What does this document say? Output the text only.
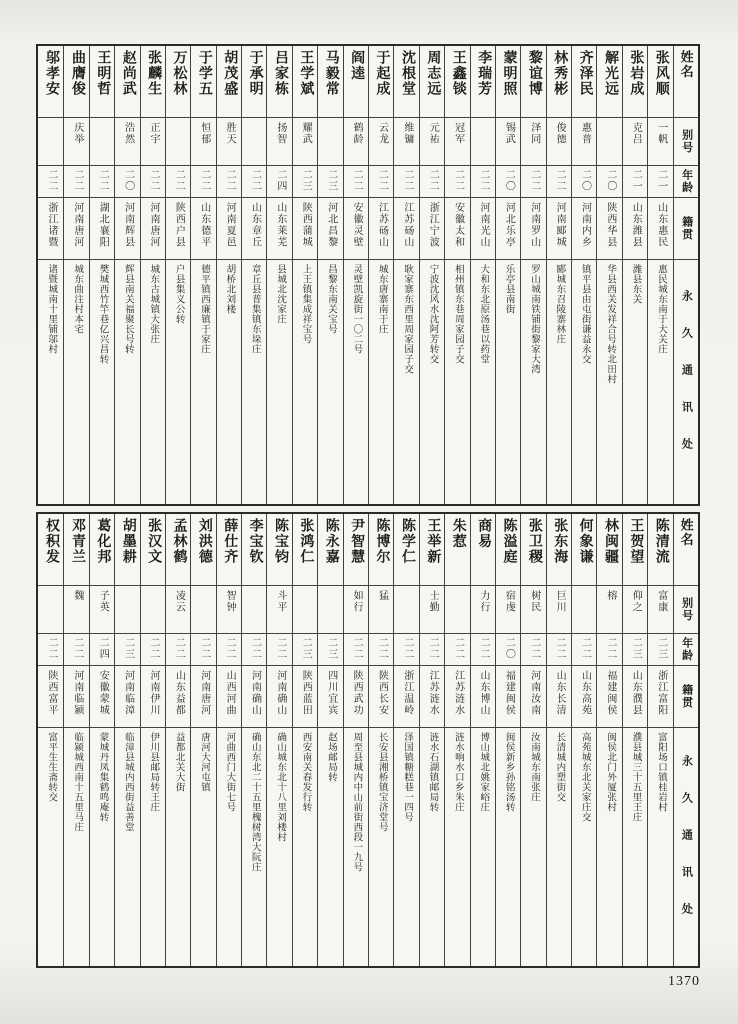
姓名
别号
年龄
籍贯
永久通讯处
张风顺
一帆
二一
山东惠民
惠民城东南于大关庄
张岩成
克吕
二一
山东潍县
潍县东关
解光远
二〇
陕西华县
华县西关发祥合号转北田村
齐泽民
惠普
二〇
河南内乡
镇平县由屯街谦益永交
林秀彬
俊德
二二
河南郾城
郾城东召陵寨林庄
黎谊博
泽同
二二
河南罗山
罗山城南铁铺街黎家大湾
蒙明照
锡武
二〇
河北乐亭
乐亭县南街
李瑞芳
二二
河南光山
大和东北原汤巷以药堂
王鑫锬
冠军
二二
安徽太和
相州镇东巷周家园子交
周志远
元祐
二二
浙江宁波
宁波沈风水沈阿芳转交
沈根堂
维镛
二二
江苏砀山
耿家寨东西里周家园子交
于起成
云龙
二二
江苏砀山
城东唐寨南于庄
阎逵
鹤龄
二二
安徽灵壁
灵壁凯旋街一〇二号
马毅常
二三
河北昌黎
昌黎东南关宝号
王学斌
耀武
二三
陕西蒲城
上王镇集成祥宝号
吕家栋
扬智
二四
山东莱芜
县城北沈家庄
于承明
二二
山东章丘
章丘县普集镇东垛庄
胡茂盛
胜天
二二
河南夏邑
胡桥北刘楼
于学五
恒郁
二二
山东德平
德平镇西廉镇于家庄
万松林
二二
陕西户县
户县集义公转
张麟生
正宇
二二
河南唐河
城东古城镇大张庄
赵尚武
浩然
二〇
河南辉县
辉县南关福聚长号转
王明哲
二二
湖北襄阳
樊城西竹竿巷亿兴昌转
曲膺俊
庆举
二二
河南唐河
城东曲注村本宅
邬孝安
二二
浙江诸暨
诸暨城南十里铺邬村
姓名
别号
年龄
籍贯
永久通讯处
陈清流
富康
二三
浙江富阳
富阳场口镇桂岩村
王贺望
仰之
二三
山东濮县
濮县城三十五里王庄
林闽疆
榕
二二
福建闽侯
闽侯北门外厦张村
何象谦
二二
山东高苑
高苑城东北关家庄交
张东海
巨川
二二
山东长清
长清城内塑街交
张卫稷
树民
二二
河南汝南
汝南城东南张庄
陈溢庭
宿虔
二〇
福建闽侯
闽侯新乡孙铭汤转
商易
力行
二二
山东博山
博山城北姚家峪庄
朱惹
二二
江苏涟水
涟水响水口乡朱庄
王举新
士勤
二二
江苏涟水
涟水石湖镇邮局转
陈学仁
二二
浙江温岭
泽国镇糖糕巷一四号
陈博尔
猛
二二
陕西长安
长安县湘桥镇宝济堂号
尹智慧
如行
二二
陕西武功
周至县城内中山前街西段一九号
陈永嘉
二三
四川宜宾
赵场邮局转
张鸿仁
二三
陕西蓝田
西安南关春发行转
陈宝钧
斗平
二二
河南确山
确山城东北十八里刘楼村
李宝钦
二二
河南确山
确山东北二十五里槐树湾大阮庄
薛仕齐
智钟
二二
山西河曲
河曲西门大街七号
刘洪德
二二
河南唐河
唐河大河屯镇
孟林鹤
凌云
二二
山东益都
益都北关大街
张汉文
二二
河南伊川
伊川县邮局转王庄
胡墨耕
二三
河南临漳
临漳县城内西街益善堂
葛化邦
子英
二四
安徽蒙城
蒙城丹凤集鹤鸣庵转
邓青兰
魏
二二
河南临颍
临颍城西南十五里马庄
权积发
二二
陕西富平
富平生生斋转交
1370
